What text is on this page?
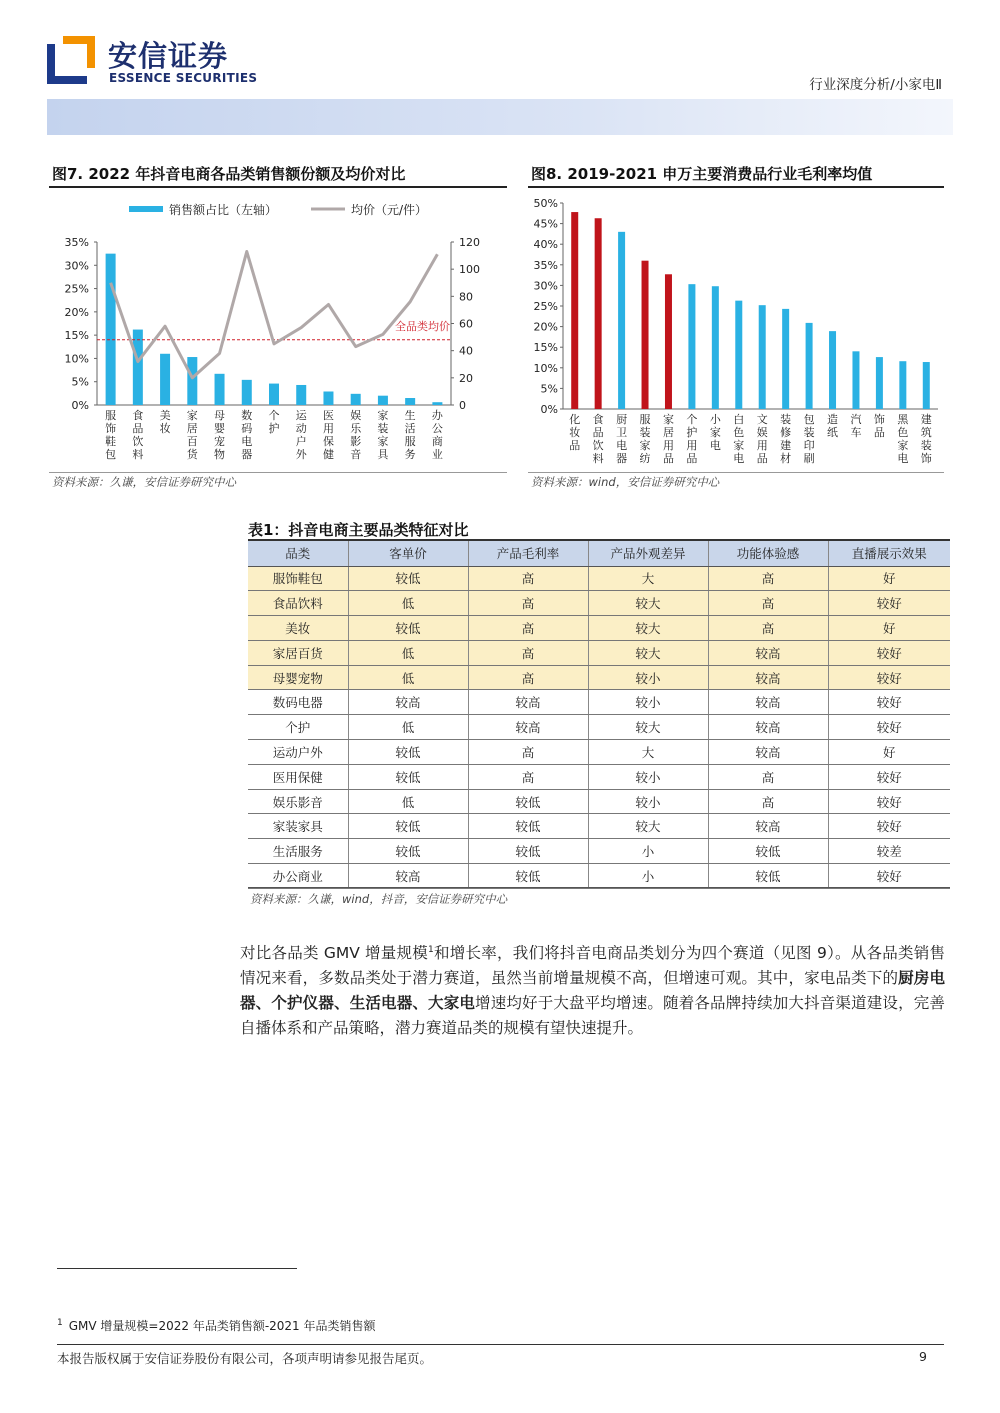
安信证券
ESSENCE SECURITIES	行业深度分析/小家电Ⅱ
图7. 2022 年抖音电商各品类销售额份额及均价对比
销售额占比（左轴）	均价（元/件）
0%
5%
10%
15%
20%
25%
30%
35%
0
20
40
60
80
100
120
全品类均价
服饰鞋包
食品饮料
美妆
家居百货
母婴宠物
数码电器
个护
运动户外
医用保健
娱乐影音
家装家具
生活服务
办公商业
资料来源：久谦，安信证券研究中心
图8. 2019-2021 申万主要消费品行业毛利率均值
0%
5%
10%
15%
20%
25%
30%
35%
40%
45%
50%
化妆品
食品饮料
厨卫电器
服装家纺
家居用品
个护用品
小家电
白色家电
文娱用品
装修建材
包装印刷
造纸
汽车
饰品
黑色家电
建筑装饰
资料来源：wind，安信证券研究中心
表1：抖音电商主要品类特征对比
品类	客单价	产品毛利率	产品外观差异	功能体验感	直播展示效果
服饰鞋包	较低	高	大	高	好
食品饮料	低	高	较大	高	较好
美妆	较低	高	较大	高	好
家居百货	低	高	较大	较高	较好
母婴宠物	低	高	较小	较高	较好
数码电器	较高	较高	较小	较高	较好
个护	低	较高	较大	较高	较好
运动户外	较低	高	大	较高	好
医用保健	较低	高	较小	高	较好
娱乐影音	低	较低	较小	高	较好
家装家具	较低	较低	较大	较高	较好
生活服务	较低	较低	小	较低	较差
办公商业	较高	较低	小	较低	较好
资料来源：久谦，wind，抖音，安信证券研究中心
对比各品类 GMV 增量规模$^1$和增长率，我们将抖音电商品类划分为四个赛道（见图 9）。从各品类销售情况来看，多数品类处于潜力赛道，虽然当前增量规模不高，但增速可观。其中，家电品类下的厨房电器、个护仪器、生活电器、大家电增速均好于大盘平均增速。随着各品牌持续加大抖音渠道建设，完善自播体系和产品策略，潜力赛道品类的规模有望快速提升。
$^1$ GMV 增量规模=2022 年品类销售额-2021 年品类销售额
本报告版权属于安信证券股份有限公司，各项声明请参见报告尾页。	9
